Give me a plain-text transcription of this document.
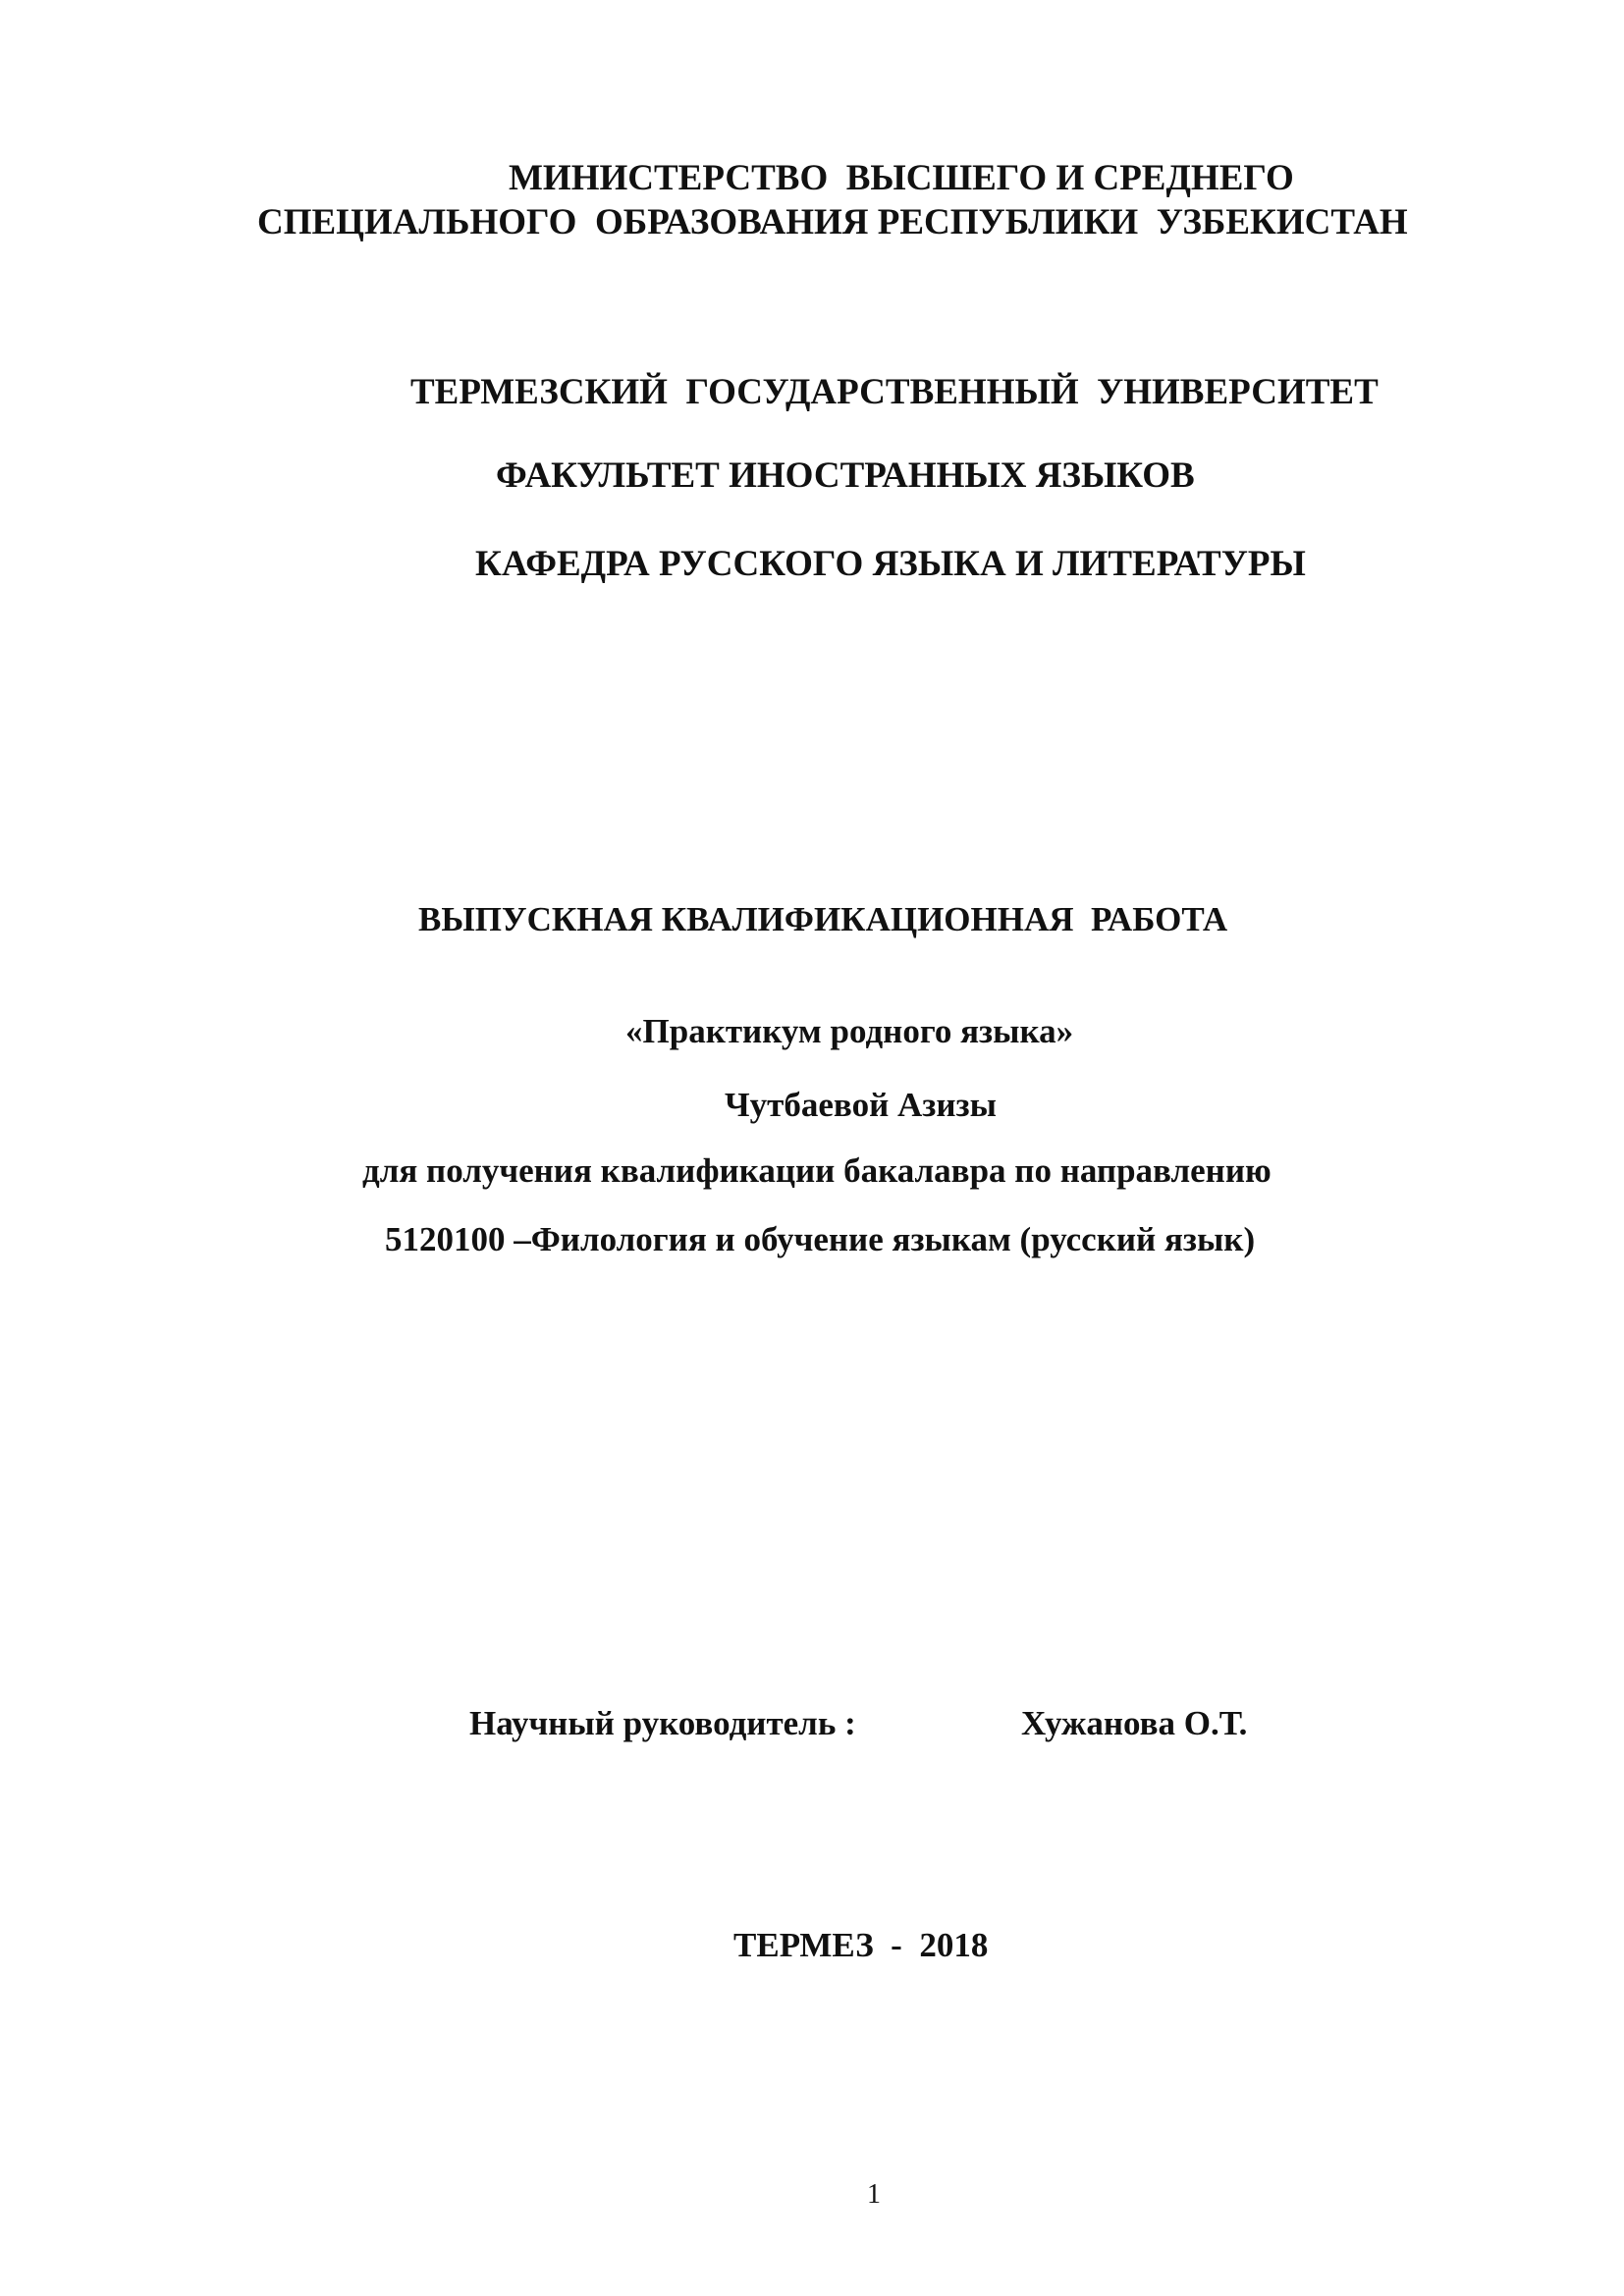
МИНИСТЕРСТВО  ВЫСШЕГО И СРЕДНЕГО
СПЕЦИАЛЬНОГО  ОБРАЗОВАНИЯ РЕСПУБЛИКИ  УЗБЕКИСТАН
ТЕРМЕЗСКИЙ  ГОСУДАРСТВЕННЫЙ  УНИВЕРСИТЕТ
ФАКУЛЬТЕТ ИНОСТРАННЫХ ЯЗЫКОВ
КАФЕДРА РУССКОГО ЯЗЫКА И ЛИТЕРАТУРЫ
ВЫПУСКНАЯ КВАЛИФИКАЦИОННАЯ  РАБОТА
«Практикум родного языка»
Чутбаевой Азизы
для получения квалификации бакалавра по направлению
5120100 –Филология и обучение языкам (русский язык)
Научный руководитель :	Хужанова О.Т.
ТЕРМЕЗ  -  2018
1
